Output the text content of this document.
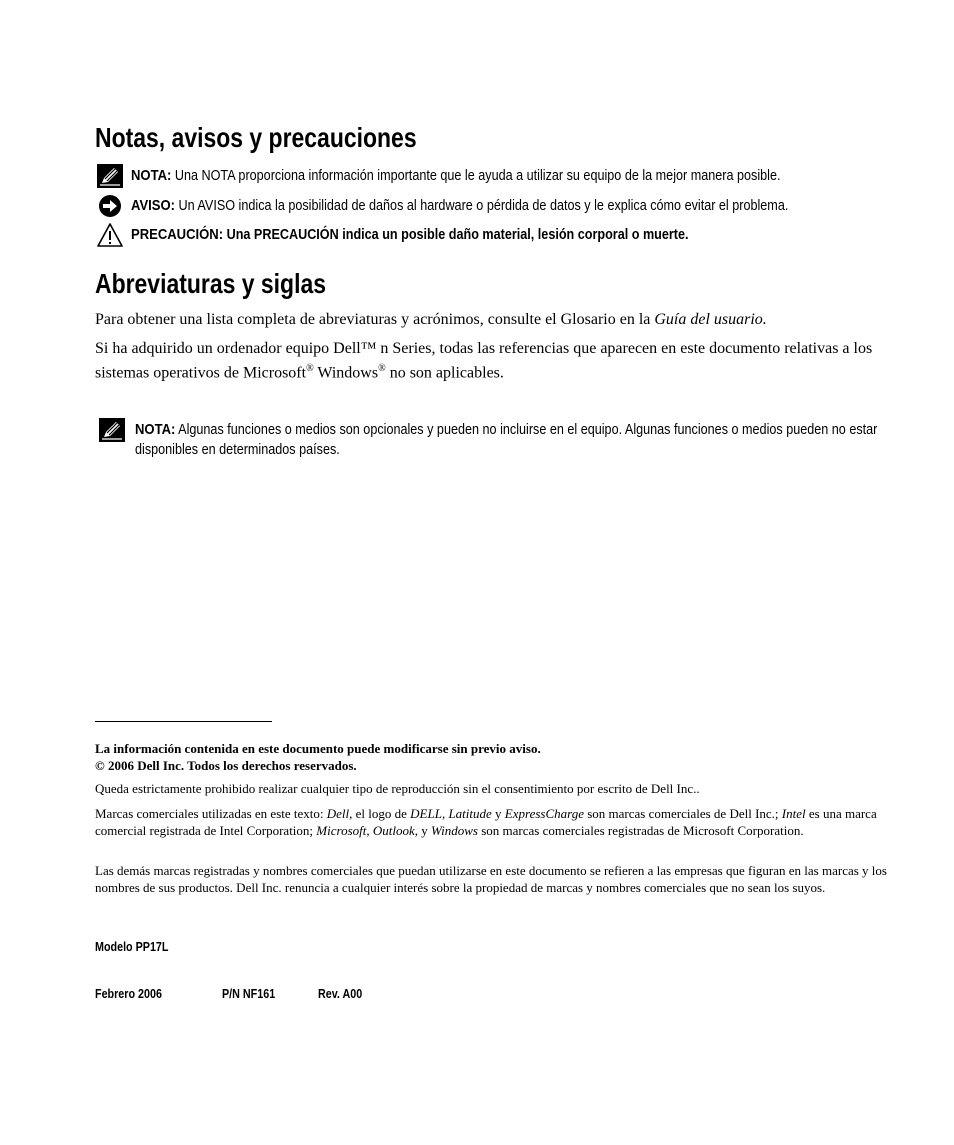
Notas, avisos y precauciones
NOTA: Una NOTA proporciona información importante que le ayuda a utilizar su equipo de la mejor manera posible.
AVISO: Un AVISO indica la posibilidad de daños al hardware o pérdida de datos y le explica cómo evitar el problema.
PRECAUCIÓN: Una PRECAUCIÓN indica un posible daño material, lesión corporal o muerte.
Abreviaturas y siglas
Para obtener una lista completa de abreviaturas y acrónimos, consulte el Glosario en la Guía del usuario.
Si ha adquirido un ordenador equipo Dell™ n Series, todas las referencias que aparecen en este documento relativas a los sistemas operativos de Microsoft® Windows® no son aplicables.
NOTA: Algunas funciones o medios son opcionales y pueden no incluirse en el equipo. Algunas funciones o medios pueden no estar disponibles en determinados países.
La información contenida en este documento puede modificarse sin previo aviso.
© 2006 Dell Inc. Todos los derechos reservados.
Queda estrictamente prohibido realizar cualquier tipo de reproducción sin el consentimiento por escrito de Dell Inc..
Marcas comerciales utilizadas en este texto: Dell, el logo de DELL, Latitude y ExpressCharge son marcas comerciales de Dell Inc.; Intel es una marca comercial registrada de Intel Corporation; Microsoft, Outlook, y Windows son marcas comerciales registradas de Microsoft Corporation.
Las demás marcas registradas y nombres comerciales que puedan utilizarse en este documento se refieren a las empresas que figuran en las marcas y los nombres de sus productos. Dell Inc. renuncia a cualquier interés sobre la propiedad de marcas y nombres comerciales que no sean los suyos.
Modelo PP17L
Febrero 2006	P/N NF161	Rev. A00
